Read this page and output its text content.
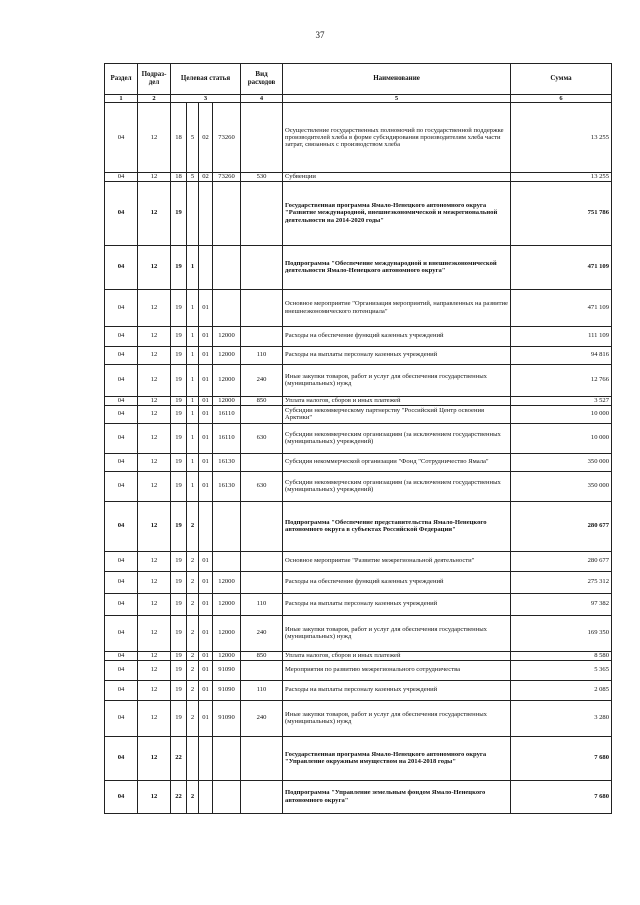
37
Раздел	Подраз-дел	Целевая статья				Вид расходов	Наименование	Сумма
1	2	3				4	5	6
04	12	18	5	02	73260		Осуществление государственных полномочий по государственной поддержке производителей хлеба в форме субсидирования производителям хлеба части затрат, связанных с производством хлеба	13 255
04	12	18	5	02	73260	530	Субвенции	13 255
04	12	19					Государственная программа Ямало-Ненецкого автономного округа "Развитие международной, внешнеэкономической и межрегиональной деятельности на 2014-2020 годы"	751 786
04	12	19	1				Подпрограмма "Обеспечение международной и внешнеэкономической деятельности Ямало-Ненецкого автономного округа"	471 109
04	12	19	1	01			Основное мероприятие "Организация мероприятий, направленных на развитие внешнеэкономического потенциала"	471 109
04	12	19	1	01	12000		Расходы на обеспечение функций казенных учреждений	111 109
04	12	19	1	01	12000	110	Расходы на выплаты персоналу казенных учреждений	94 816
04	12	19	1	01	12000	240	Иные закупки товаров, работ и услуг для обеспечения государственных (муниципальных) нужд	12 766
04	12	19	1	01	12000	850	Уплата налогов, сборов и иных платежей	3 527
04	12	19	1	01	16110		Субсидии некоммерческому партнерству "Российский Центр освоения Арктики"	10 000
04	12	19	1	01	16110	630	Субсидии некоммерческим организациям (за исключением государственных (муниципальных) учреждений)	10 000
04	12	19	1	01	16130		Субсидия некоммерческой организации "Фонд "Сотрудничество Ямала"	350 000
04	12	19	1	01	16130	630	Субсидии некоммерческим организациям (за исключением государственных (муниципальных) учреждений)	350 000
04	12	19	2				Подпрограмма "Обеспечение представительства Ямало-Ненецкого автономного округа в субъектах Российской Федерации"	280 677
04	12	19	2	01			Основное мероприятие "Развитие межрегиональной деятельности"	280 677
04	12	19	2	01	12000		Расходы на обеспечение функций казенных учреждений	275 312
04	12	19	2	01	12000	110	Расходы на выплаты персоналу казенных учреждений	97 382
04	12	19	2	01	12000	240	Иные закупки товаров, работ и услуг для обеспечения государственных (муниципальных) нужд	169 350
04	12	19	2	01	12000	850	Уплата налогов, сборов и иных платежей	8 580
04	12	19	2	01	91090		Мероприятия по развитию межрегионального сотрудничества	5 365
04	12	19	2	01	91090	110	Расходы на выплаты персоналу казенных учреждений	2 085
04	12	19	2	01	91090	240	Иные закупки товаров, работ и услуг для обеспечения государственных (муниципальных) нужд	3 280
04	12	22					Государственная программа Ямало-Ненецкого автономного округа "Управление окружным имуществом на 2014-2018 годы"	7 680
04	12	22	2				Подпрограмма "Управление земельным фондом Ямало-Ненецкого автономного округа"	7 680
